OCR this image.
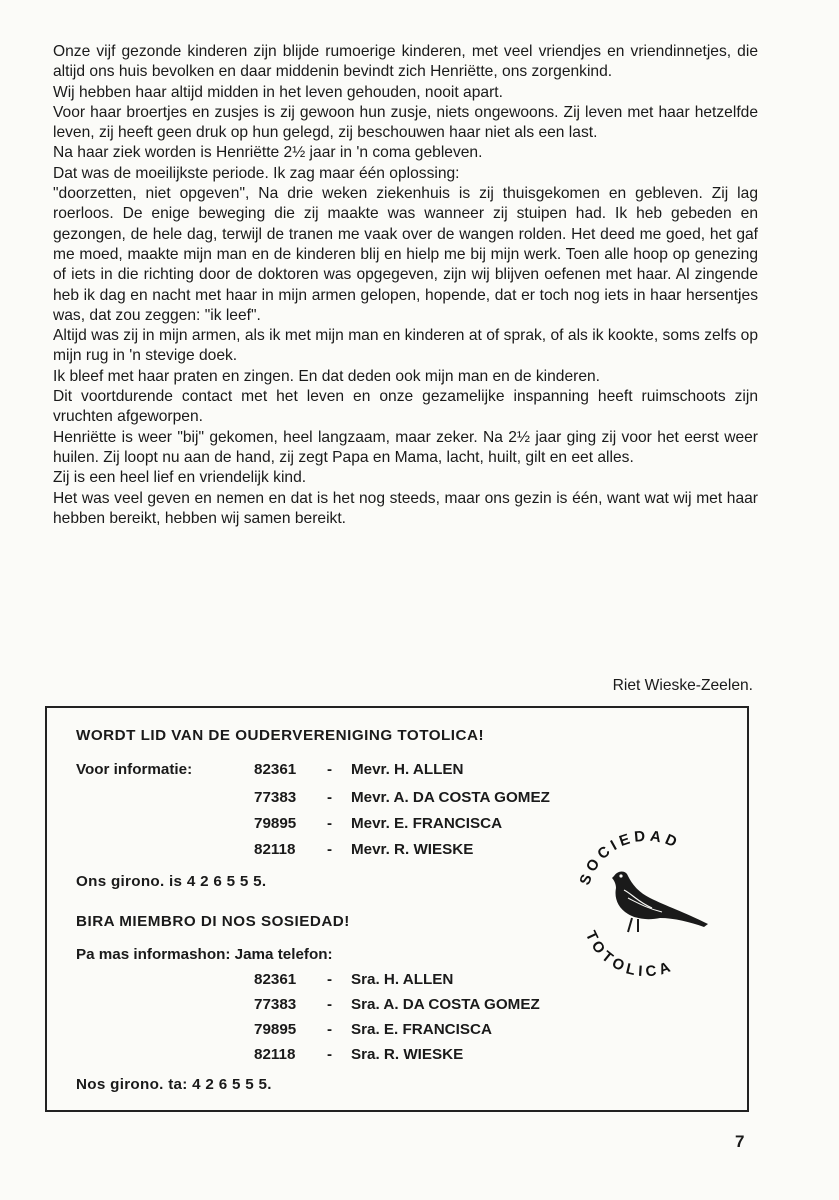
Onze vijf gezonde kinderen zijn blijde rumoerige kinderen, met veel vriendjes en vriendinnetjes, die altijd ons huis bevolken en daar middenin bevindt zich Henriëtte, ons zorgenkind.

Wij hebben haar altijd midden in het leven gehouden, nooit apart.

Voor haar broertjes en zusjes is zij gewoon hun zusje, niets ongewoons. Zij leven met haar hetzelfde leven, zij heeft geen druk op hun gelegd, zij beschouwen haar niet als een last.

Na haar ziek worden is Henriëtte 2½ jaar in 'n coma gebleven.

Dat was de moeilijkste periode. Ik zag maar één oplossing:

"doorzetten, niet opgeven", Na drie weken ziekenhuis is zij thuisgekomen en gebleven. Zij lag roerloos. De enige beweging die zij maakte was wanneer zij stuipen had. Ik heb gebeden en gezongen, de hele dag, terwijl de tranen me vaak over de wangen rolden. Het deed me goed, het gaf me moed, maakte mijn man en de kinderen blij en hielp me bij mijn werk. Toen alle hoop op genezing of iets in die richting door de doktoren was opgegeven, zijn wij blijven oefenen met haar. Al zingende heb ik dag en nacht met haar in mijn armen gelopen, hopende, dat er toch nog iets in haar hersentjes was, dat zou zeggen: "ik leef".

Altijd was zij in mijn armen, als ik met mijn man en kinderen at of sprak, of als ik kookte, soms zelfs op mijn rug in 'n stevige doek.

Ik bleef met haar praten en zingen. En dat deden ook mijn man en de kinderen.

Dit voortdurende contact met het leven en onze gezamelijke inspanning heeft ruimschoots zijn vruchten afgeworpen.

Henriëtte is weer "bij" gekomen, heel langzaam, maar zeker. Na 2½ jaar ging zij voor het eerst weer huilen. Zij loopt nu aan de hand, zij zegt Papa en Mama, lacht, huilt, gilt en eet alles.

Zij is een heel lief en vriendelijk kind.

Het was veel geven en nemen en dat is het nog steeds, maar ons gezin is één, want wat wij met haar hebben bereikt, hebben wij samen bereikt.

Riet Wieske-Zeelen.
WORDT LID VAN DE OUDERVERENIGING TOTOLICA!
Voor informatie:	82361 - Mevr. H. ALLEN
77383 - Mevr. A. DA COSTA GOMEZ
79895 - Mevr. E. FRANCISCA
82118 - Mevr. R. WIESKE
Ons girono. is 4 2 6 5 5 5.
BIRA MIEMBRO DI NOS SOSIEDAD!
Pa mas informashon: Jama telefon:
82361 - Sra. H. ALLEN
77383 - Sra. A. DA COSTA GOMEZ
79895 - Sra. E. FRANCISCA
82118 - Sra. R. WIESKE
Nos girono. ta: 4 2 6 5 5 5.
SOCIEDAD
TOTOLICA
7
